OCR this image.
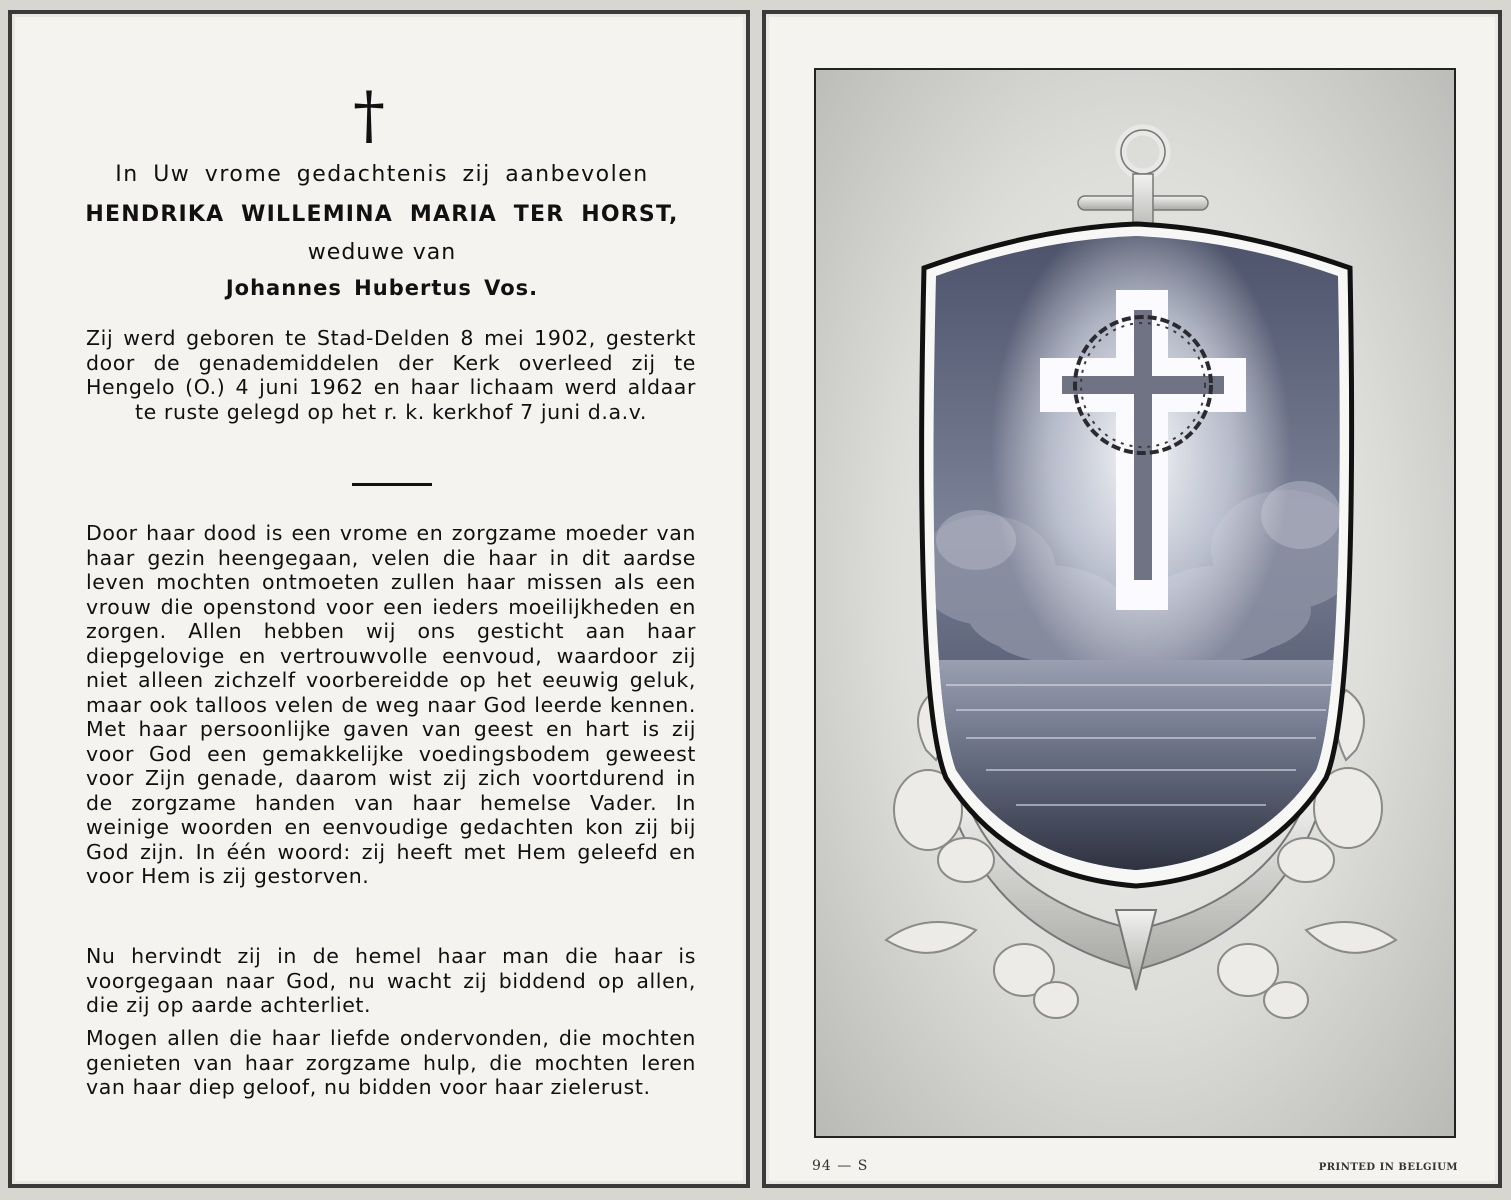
†
In Uw vrome gedachtenis zij aanbevolen
HENDRIKA WILLEMINA MARIA TER HORST,
weduwe van
Johannes Hubertus Vos.
Zij werd geboren te Stad-Delden 8 mei 1902, gesterkt door de genademiddelen der Kerk overleed zij te Hengelo (O.) 4 juni 1962 en haar lichaam werd aldaar te ruste gelegd op het r. k. kerkhof 7 juni d.a.v.
Door haar dood is een vrome en zorgzame moeder van haar gezin heengegaan, velen die haar in dit aardse leven mochten ontmoeten zullen haar missen als een vrouw die openstond voor een ieders moeilijkheden en zorgen. Allen hebben wij ons gesticht aan haar diepgelovige en vertrouwvolle eenvoud, waardoor zij niet alleen zichzelf voorbereidde op het eeuwig geluk, maar ook talloos velen de weg naar God leerde kennen. Met haar persoonlijke gaven van geest en hart is zij voor God een gemakkelijke voedingsbodem geweest voor Zijn genade, daarom wist zij zich voortdurend in de zorgzame handen van haar hemelse Vader. In weinige woorden en eenvoudige gedachten kon zij bij God zijn. In één woord: zij heeft met Hem geleefd en voor Hem is zij gestorven.
Nu hervindt zij in de hemel haar man die haar is voorgegaan naar God, nu wacht zij biddend op allen, die zij op aarde achterliet.
Mogen allen die haar liefde ondervonden, die mochten genieten van haar zorgzame hulp, die mochten leren van haar diep geloof, nu bidden voor haar zielerust.
94 — S	PRINTED IN BELGIUM
